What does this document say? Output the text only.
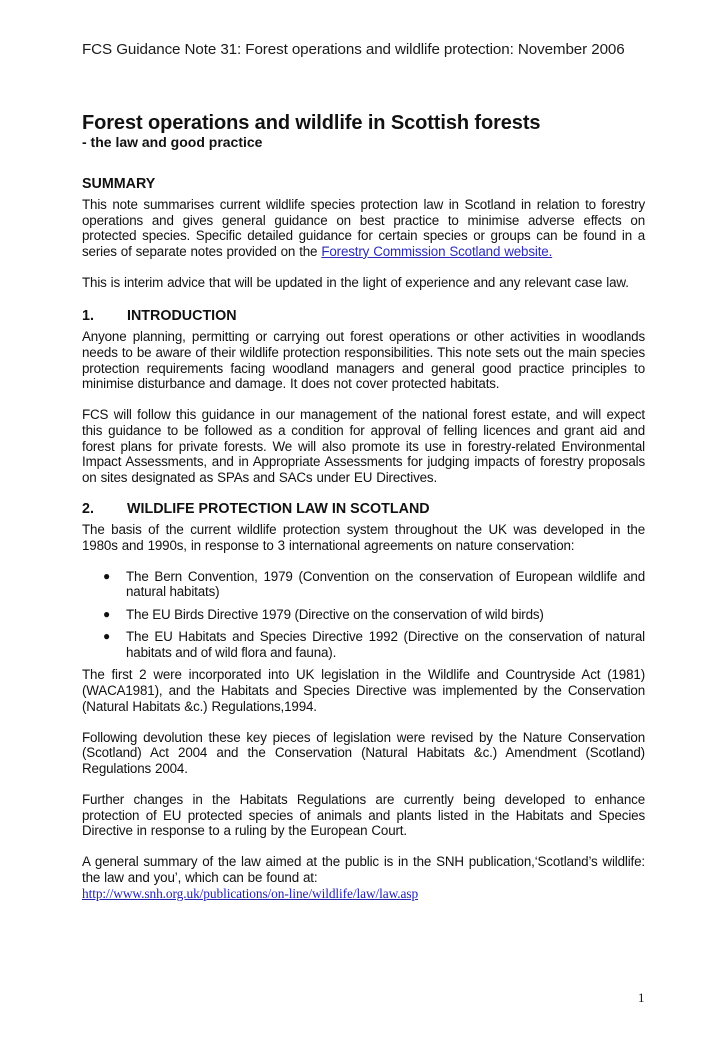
FCS Guidance Note 31: Forest operations and wildlife protection: November 2006
Forest operations and wildlife in Scottish forests
- the law and good practice
SUMMARY

This note summarises current wildlife species protection law in Scotland in relation to forestry operations and gives general guidance on best practice to minimise adverse effects on protected species. Specific detailed guidance for certain species or groups can be found in a series of separate notes provided on the Forestry Commission Scotland website.

This is interim advice that will be updated in the light of experience and any relevant case law.

1.	INTRODUCTION

Anyone planning, permitting or carrying out forest operations or other activities in woodlands needs to be aware of their wildlife protection responsibilities. This note sets out the main species protection requirements facing woodland managers and general good practice principles to minimise disturbance and damage. It does not cover protected habitats.

FCS will follow this guidance in our management of the national forest estate, and will expect this guidance to be followed as a condition for approval of felling licences and grant aid and forest plans for private forests. We will also promote its use in forestry-related Environmental Impact Assessments, and in Appropriate Assessments for judging impacts of forestry proposals on sites designated as SPAs and SACs under EU Directives.

2.	WILDLIFE PROTECTION LAW IN SCOTLAND

The basis of the current wildlife protection system throughout the UK was developed in the 1980s and 1990s, in response to 3 international agreements on nature conservation:

● The Bern Convention, 1979 (Convention on the conservation of European wildlife and natural habitats)
● The EU Birds Directive 1979 (Directive on the conservation of wild birds)
● The EU Habitats and Species Directive 1992 (Directive on the conservation of natural habitats and of wild flora and fauna).

The first 2 were incorporated into UK legislation in the Wildlife and Countryside Act (1981) (WACA1981), and the Habitats and Species Directive was implemented by the Conservation (Natural Habitats &c.) Regulations,1994.

Following devolution these key pieces of legislation were revised by the Nature Conservation (Scotland) Act 2004 and the Conservation (Natural Habitats &c.) Amendment (Scotland) Regulations 2004.

Further changes in the Habitats Regulations are currently being developed to enhance protection of EU protected species of animals and plants listed in the Habitats and Species Directive in response to a ruling by the European Court.

A general summary of the law aimed at the public is in the SNH publication,‘Scotland’s wildlife: the law and you’, which can be found at:

http://www.snh.org.uk/publications/on-line/wildlife/law/law.asp
1
